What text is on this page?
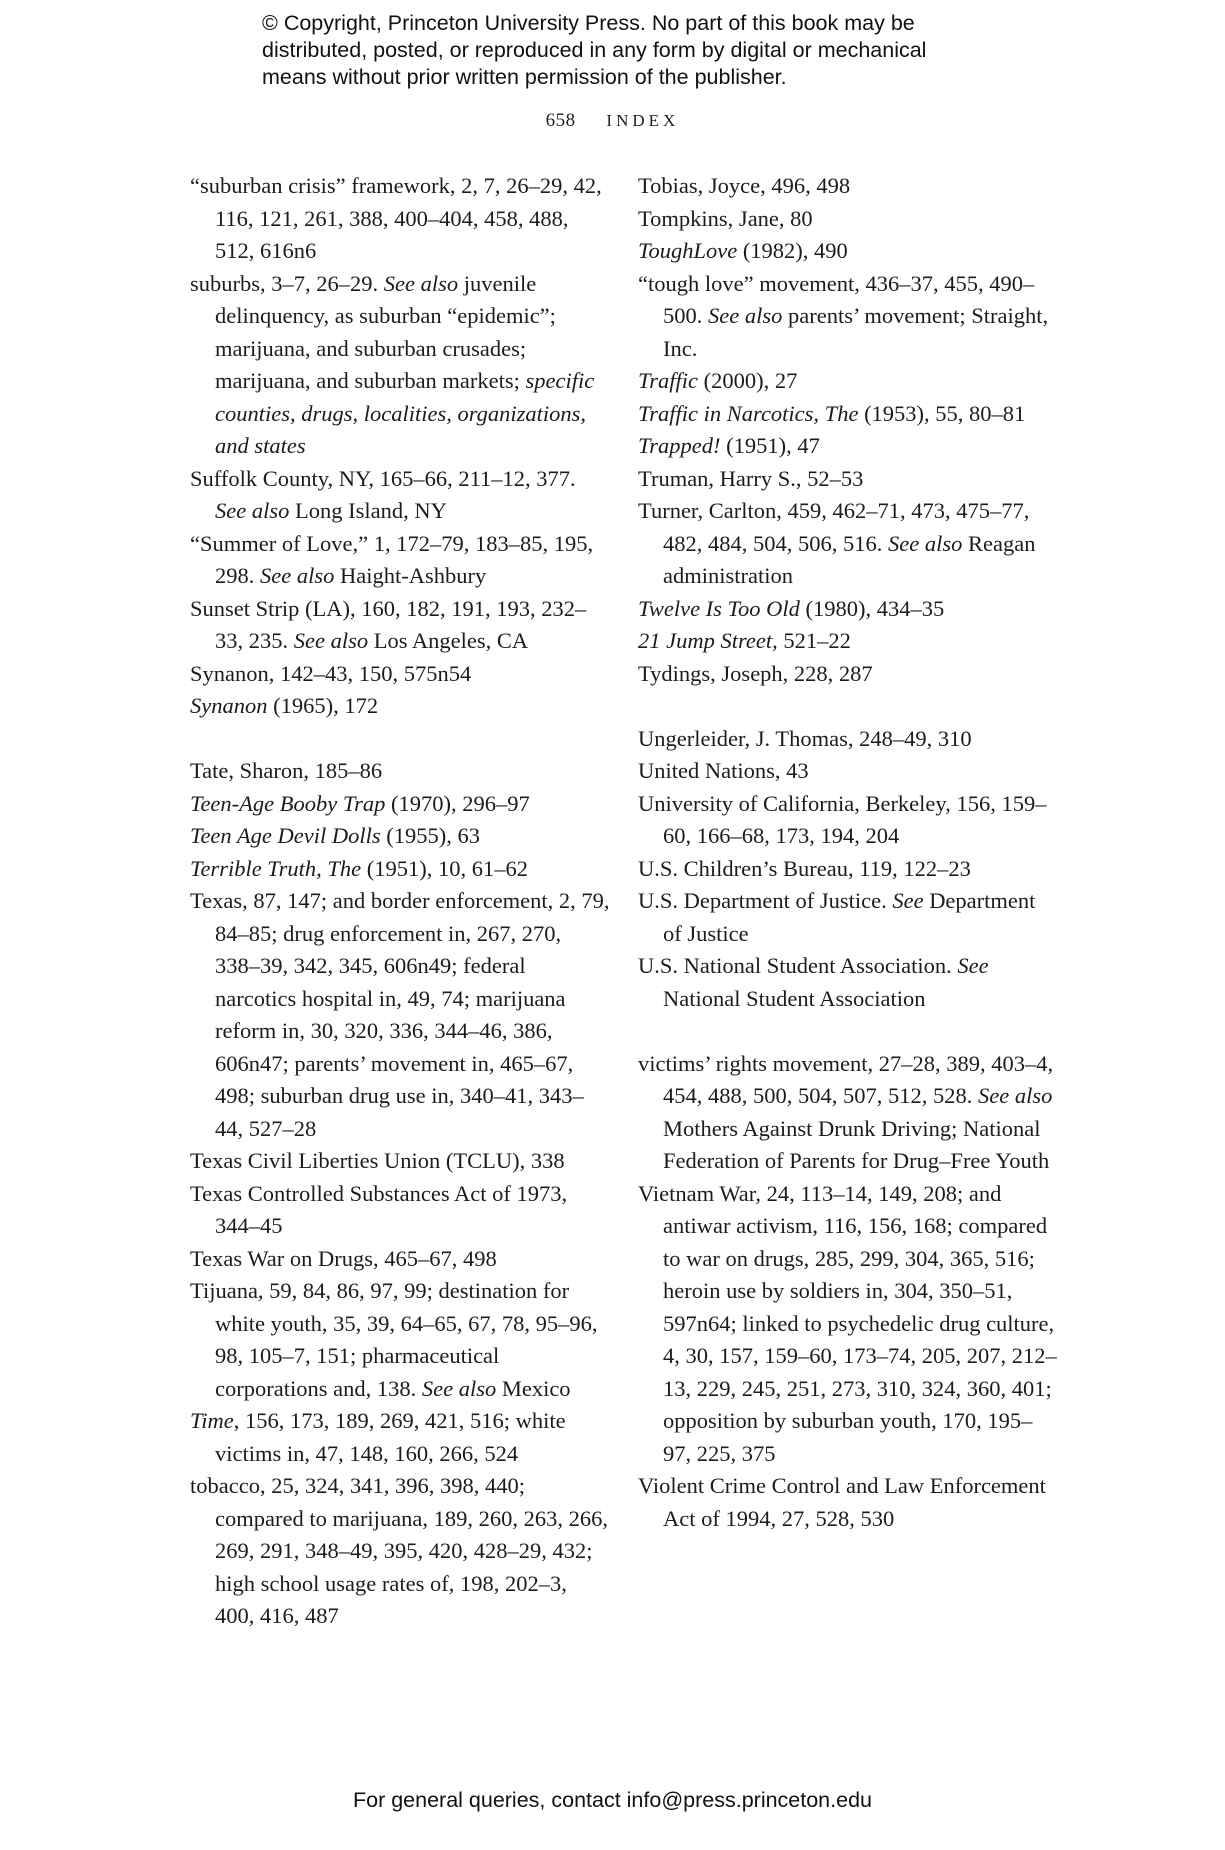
© Copyright, Princeton University Press. No part of this book may be
distributed, posted, or reproduced in any form by digital or mechanical
means without prior written permission of the publisher.
658 INDEX
“suburban crisis” framework, 2, 7, 26–29, 42, 116, 121, 261, 388, 400–404, 458, 488, 512, 616n6
suburbs, 3–7, 26–29. See also juvenile delinquency, as suburban “epidemic”; marijuana, and suburban crusades; marijuana, and suburban markets; specific counties, drugs, localities, organizations, and states
Suffolk County, NY, 165–66, 211–12, 377. See also Long Island, NY
“Summer of Love,” 1, 172–79, 183–85, 195, 298. See also Haight-Ashbury
Sunset Strip (LA), 160, 182, 191, 193, 232–33, 235. See also Los Angeles, CA
Synanon, 142–43, 150, 575n54
Synanon (1965), 172
Tate, Sharon, 185–86
Teen-Age Booby Trap (1970), 296–97
Teen Age Devil Dolls (1955), 63
Terrible Truth, The (1951), 10, 61–62
Texas, 87, 147; and border enforcement, 2, 79, 84–85; drug enforcement in, 267, 270, 338–39, 342, 345, 606n49; federal narcotics hospital in, 49, 74; marijuana reform in, 30, 320, 336, 344–46, 386, 606n47; parents’ movement in, 465–67, 498; suburban drug use in, 340–41, 343–44, 527–28
Texas Civil Liberties Union (TCLU), 338
Texas Controlled Substances Act of 1973, 344–45
Texas War on Drugs, 465–67, 498
Tijuana, 59, 84, 86, 97, 99; destination for white youth, 35, 39, 64–65, 67, 78, 95–96, 98, 105–7, 151; pharmaceutical corporations and, 138. See also Mexico
Time, 156, 173, 189, 269, 421, 516; white victims in, 47, 148, 160, 266, 524
tobacco, 25, 324, 341, 396, 398, 440; compared to marijuana, 189, 260, 263, 266, 269, 291, 348–49, 395, 420, 428–29, 432; high school usage rates of, 198, 202–3, 400, 416, 487
Tobias, Joyce, 496, 498
Tompkins, Jane, 80
ToughLove (1982), 490
“tough love” movement, 436–37, 455, 490–500. See also parents’ movement; Straight, Inc.
Traffic (2000), 27
Traffic in Narcotics, The (1953), 55, 80–81
Trapped! (1951), 47
Truman, Harry S., 52–53
Turner, Carlton, 459, 462–71, 473, 475–77, 482, 484, 504, 506, 516. See also Reagan administration
Twelve Is Too Old (1980), 434–35
21 Jump Street, 521–22
Tydings, Joseph, 228, 287
Ungerleider, J. Thomas, 248–49, 310
United Nations, 43
University of California, Berkeley, 156, 159–60, 166–68, 173, 194, 204
U.S. Children’s Bureau, 119, 122–23
U.S. Department of Justice. See Department of Justice
U.S. National Student Association. See National Student Association
victims’ rights movement, 27–28, 389, 403–4, 454, 488, 500, 504, 507, 512, 528. See also Mothers Against Drunk Driving; National Federation of Parents for Drug–Free Youth
Vietnam War, 24, 113–14, 149, 208; and antiwar activism, 116, 156, 168; compared to war on drugs, 285, 299, 304, 365, 516; heroin use by soldiers in, 304, 350–51, 597n64; linked to psychedelic drug culture, 4, 30, 157, 159–60, 173–74, 205, 207, 212–13, 229, 245, 251, 273, 310, 324, 360, 401; opposition by suburban youth, 170, 195–97, 225, 375
Violent Crime Control and Law Enforcement Act of 1994, 27, 528, 530
For general queries, contact info@press.princeton.edu
